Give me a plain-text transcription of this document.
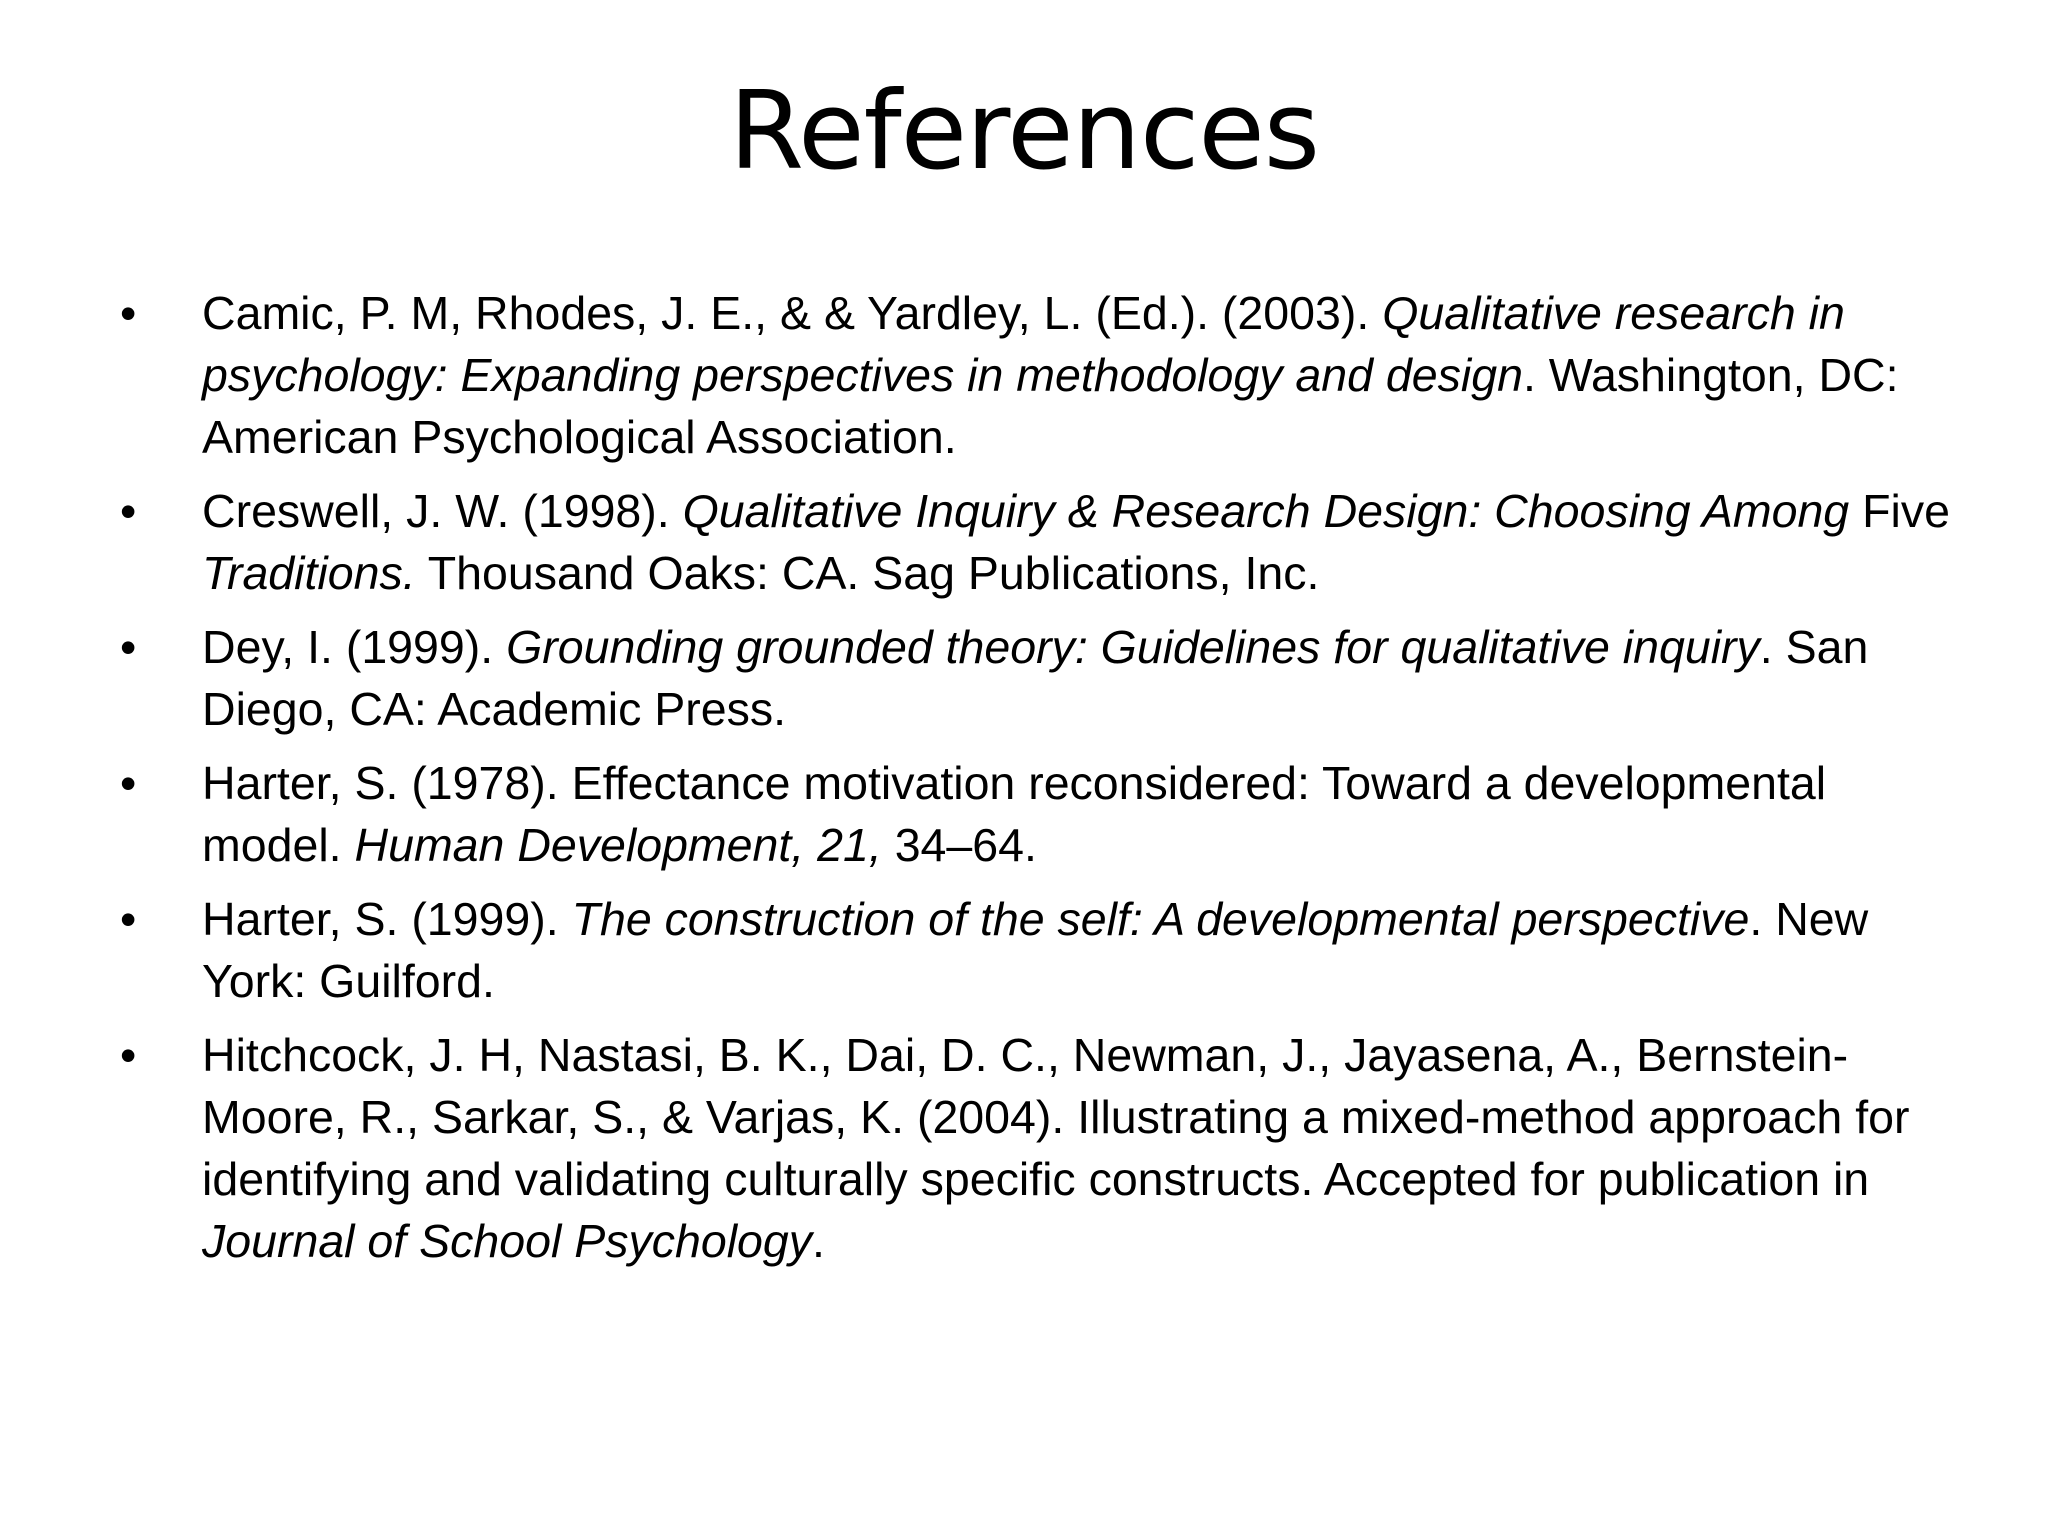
References
•
Camic, P. M, Rhodes, J. E., & & Yardley, L. (Ed.). (2003). Qualitative research in psychology: Expanding perspectives in methodology and design. Washington, DC: American Psychological Association.
•
Creswell, J. W. (1998). Qualitative Inquiry & Research Design: Choosing Among Five Traditions. Thousand Oaks: CA. Sag Publications, Inc.
•
Dey, I. (1999). Grounding grounded theory: Guidelines for qualitative inquiry. San Diego, CA: Academic Press.
•
Harter, S. (1978). Effectance motivation reconsidered: Toward a developmental model. Human Development, 21, 34–64.
•
Harter, S. (1999). The construction of the self: A developmental perspective. New York: Guilford.
•
Hitchcock, J. H, Nastasi, B. K., Dai, D. C., Newman, J., Jayasena, A., Bernstein-Moore, R., Sarkar, S., & Varjas, K. (2004). Illustrating a mixed-method approach for identifying and validating culturally specific constructs. Accepted for publication in Journal of School Psychology.
